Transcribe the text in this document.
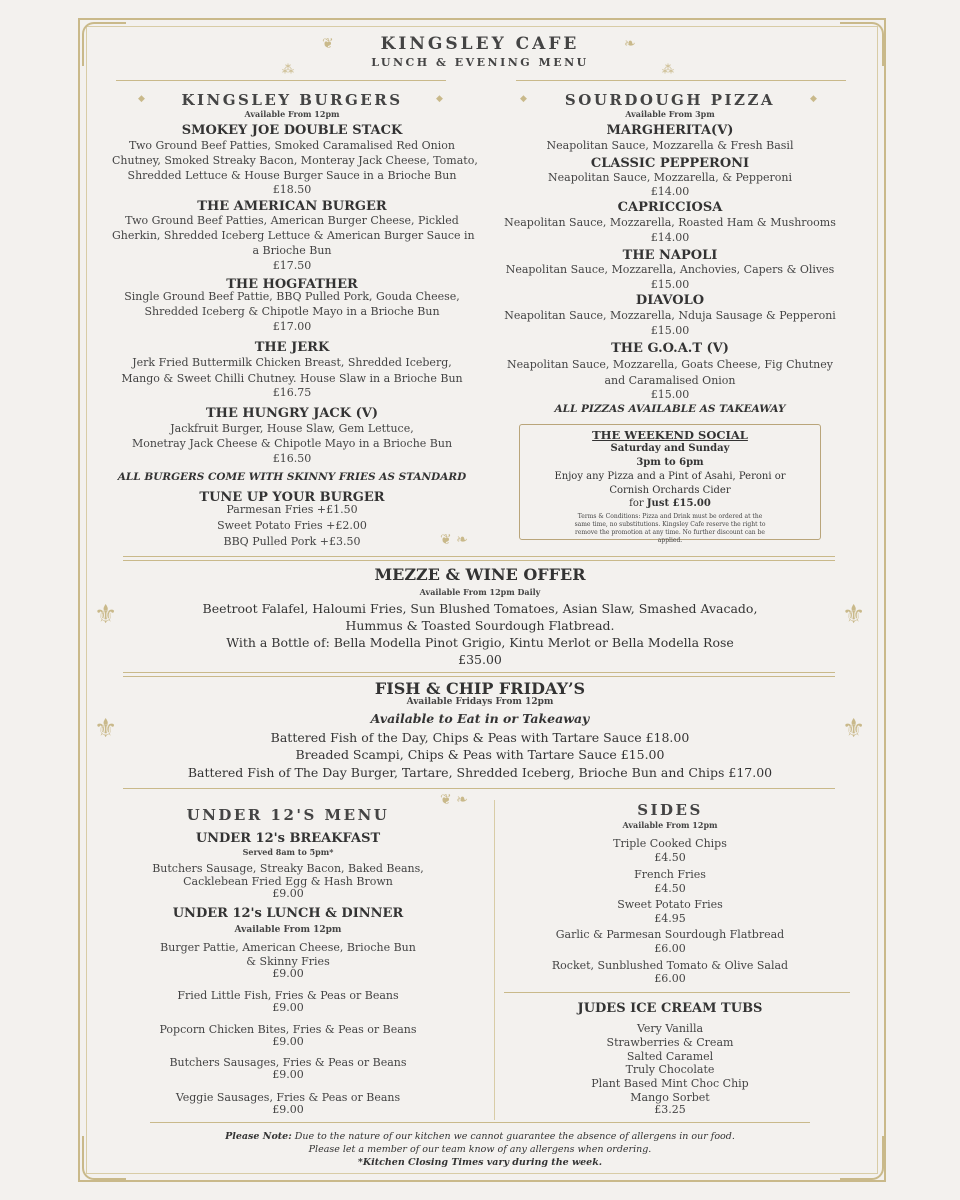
❦	❧
KINGSLEY CAFE
LUNCH & EVENING MENU
⁂	⁂
◆	◆
KINGSLEY BURGERS
Available From 12pm
SMOKEY JOE DOUBLE STACK
Two Ground Beef Patties, Smoked Caramalised Red Onion
Chutney, Smoked Streaky Bacon, Monteray Jack Cheese, Tomato,
Shredded Lettuce & House Burger Sauce in a Brioche Bun
£18.50
THE AMERICAN BURGER
Two Ground Beef Patties, American Burger Cheese, Pickled
Gherkin, Shredded Iceberg Lettuce & American Burger Sauce in
a Brioche Bun
£17.50
THE HOGFATHER
Single Ground Beef Pattie, BBQ Pulled Pork, Gouda Cheese,
Shredded Iceberg & Chipotle Mayo in a Brioche Bun
£17.00
THE JERK
Jerk Fried Buttermilk Chicken Breast, Shredded Iceberg,
Mango & Sweet Chilli Chutney. House Slaw in a Brioche Bun
£16.75
THE HUNGRY JACK (V)
Jackfruit Burger, House Slaw, Gem Lettuce,
Monetray Jack Cheese & Chipotle Mayo in a Brioche Bun
£16.50
ALL BURGERS COME WITH SKINNY FRIES AS STANDARD
TUNE UP YOUR BURGER
Parmesan Fries +£1.50
Sweet Potato Fries +£2.00
BBQ Pulled Pork +£3.50
◆	◆
SOURDOUGH PIZZA
Available From 3pm
MARGHERITA(V)
Neapolitan Sauce, Mozzarella & Fresh Basil
CLASSIC PEPPERONI
Neapolitan Sauce, Mozzarella, & Pepperoni
£14.00
CAPRICCIOSA
Neapolitan Sauce, Mozzarella, Roasted Ham & Mushrooms
£14.00
THE NAPOLI
Neapolitan Sauce, Mozzarella, Anchovies, Capers & Olives
£15.00
DIAVOLO
Neapolitan Sauce, Mozzarella, Nduja Sausage & Pepperoni
£15.00
THE G.O.A.T (V)
Neapolitan Sauce, Mozzarella, Goats Cheese, Fig Chutney
and Caramalised Onion
£15.00
ALL PIZZAS AVAILABLE AS TAKEAWAY
THE WEEKEND SOCIAL
Saturday and Sunday
3pm to 6pm
Enjoy any Pizza and a Pint of Asahi, Peroni or
Cornish Orchards Cider
for Just £15.00
Terms & Conditions: Pizza and Drink must be ordered at the same time, no substitutions. Kingsley Cafe reserve the right to remove the promotion at any time. No further discount can be applied.
❦ ❧
⚜	⚜
MEZZE & WINE OFFER
Available From 12pm Daily
Beetroot Falafel, Haloumi Fries, Sun Blushed Tomatoes, Asian Slaw, Smashed Avacado,
Hummus & Toasted Sourdough Flatbread.
With a Bottle of: Bella Modella Pinot Grigio, Kintu Merlot or Bella Modella Rose
£35.00
⚜	⚜
FISH & CHIP FRIDAY’S
Available Fridays From 12pm
Available to Eat in or Takeaway
Battered Fish of the Day, Chips & Peas with Tartare Sauce £18.00
Breaded Scampi, Chips & Peas with Tartare Sauce £15.00
Battered Fish of The Day Burger, Tartare, Shredded Iceberg, Brioche Bun and Chips £17.00
❦ ❧
UNDER 12'S MENU
UNDER 12's BREAKFAST
Served 8am to 5pm*
Butchers Sausage, Streaky Bacon, Baked Beans,
Cacklebean Fried Egg & Hash Brown
£9.00
UNDER 12's LUNCH & DINNER
Available From 12pm
Burger Pattie, American Cheese, Brioche Bun
& Skinny Fries
£9.00
Fried Little Fish, Fries & Peas or Beans
£9.00
Popcorn Chicken Bites, Fries & Peas or Beans
£9.00
Butchers Sausages, Fries & Peas or Beans
£9.00
Veggie Sausages, Fries & Peas or Beans
£9.00
SIDES
Available From 12pm
Triple Cooked Chips
£4.50
French Fries
£4.50
Sweet Potato Fries
£4.95
Garlic & Parmesan Sourdough Flatbread
£6.00
Rocket, Sunblushed Tomato & Olive Salad
£6.00
JUDES ICE CREAM TUBS
Very Vanilla
Strawberries & Cream
Salted Caramel
Truly Chocolate
Plant Based Mint Choc Chip
Mango Sorbet
£3.25
Please Note: Due to the nature of our kitchen we cannot guarantee the absence of allergens in our food.
Please let a member of our team know of any allergens when ordering.
*Kitchen Closing Times vary during the week.
